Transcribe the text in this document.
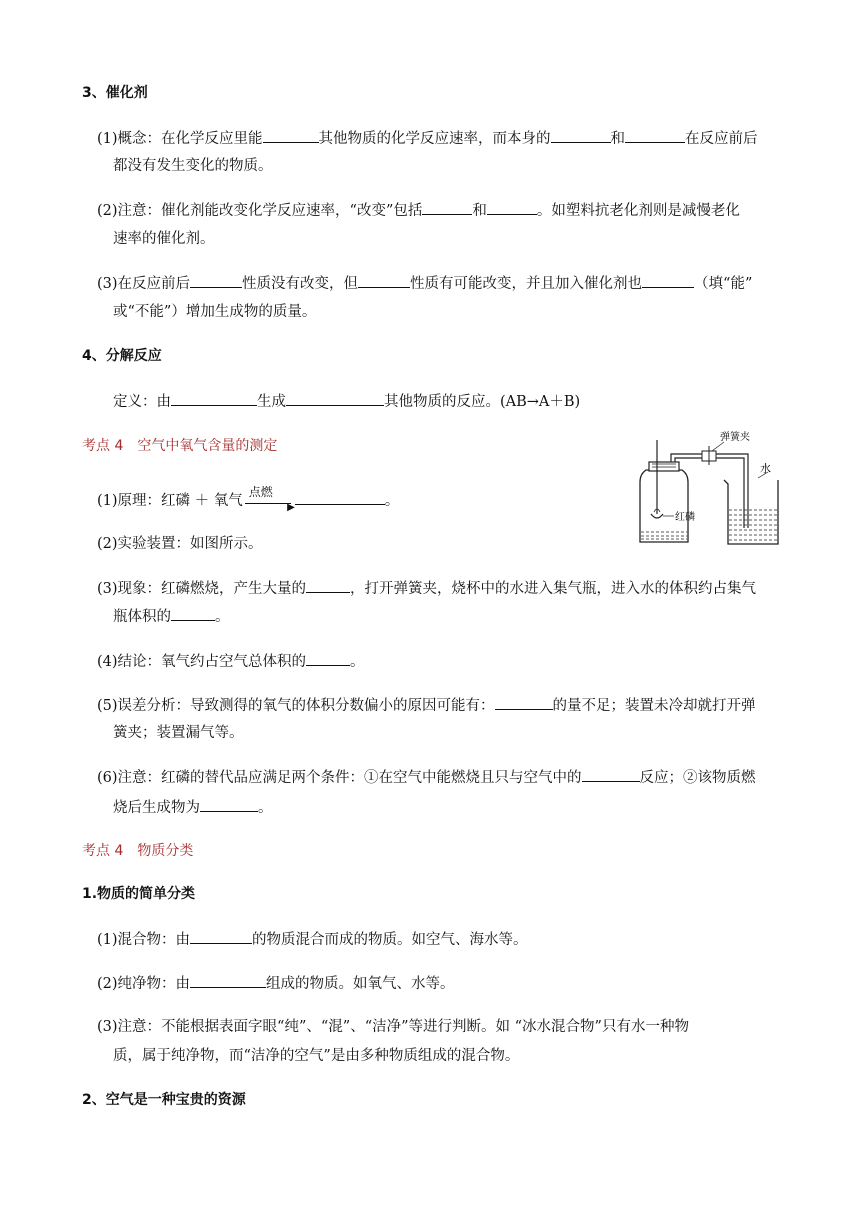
3、催化剂
(1)概念：在化学反应里能	其他物质的化学反应速率，而本身的	和	在反应前后
都没有发生变化的物质。
(2)注意：催化剂能改变化学反应速率，“改变”包括	和	。如塑料抗老化剂则是减慢老化
速率的催化剂。
(3)在反应前后	性质没有改变，但	性质有可能改变，并且加入催化剂也	（填“能”
或“不能”）增加生成物的质量。
4、分解反应
定义：由	生成	其他物质的反应。(AB→A＋B)
考点 4　空气中氧气含量的测定
(1)原理：红磷 ＋ 氧气
点燃
▶	。
(2)实验装置：如图所示。
(3)现象：红磷燃烧，产生大量的	，打开弹簧夹，烧杯中的水进入集气瓶，进入水的体积约占集气
瓶体积的	。
(4)结论：氧气约占空气总体积的	。
(5)误差分析：导致测得的氧气的体积分数偏小的原因可能有：	的量不足；装置未冷却就打开弹
簧夹；装置漏气等。
(6)注意：红磷的替代品应满足两个条件：①在空气中能燃烧且只与空气中的	反应；②该物质燃
烧后生成物为	。
弹簧夹
水
红磷
考点 4　物质分类
1.物质的简单分类
(1)混合物：由	的物质混合而成的物质。如空气、海水等。
(2)纯净物：由	组成的物质。如氧气、水等。
(3)注意：不能根据表面字眼“纯”、“混”、“洁净”等进行判断。如 “冰水混合物”只有水一种物
质，属于纯净物，而“洁净的空气”是由多种物质组成的混合物。
2、空气是一种宝贵的资源
